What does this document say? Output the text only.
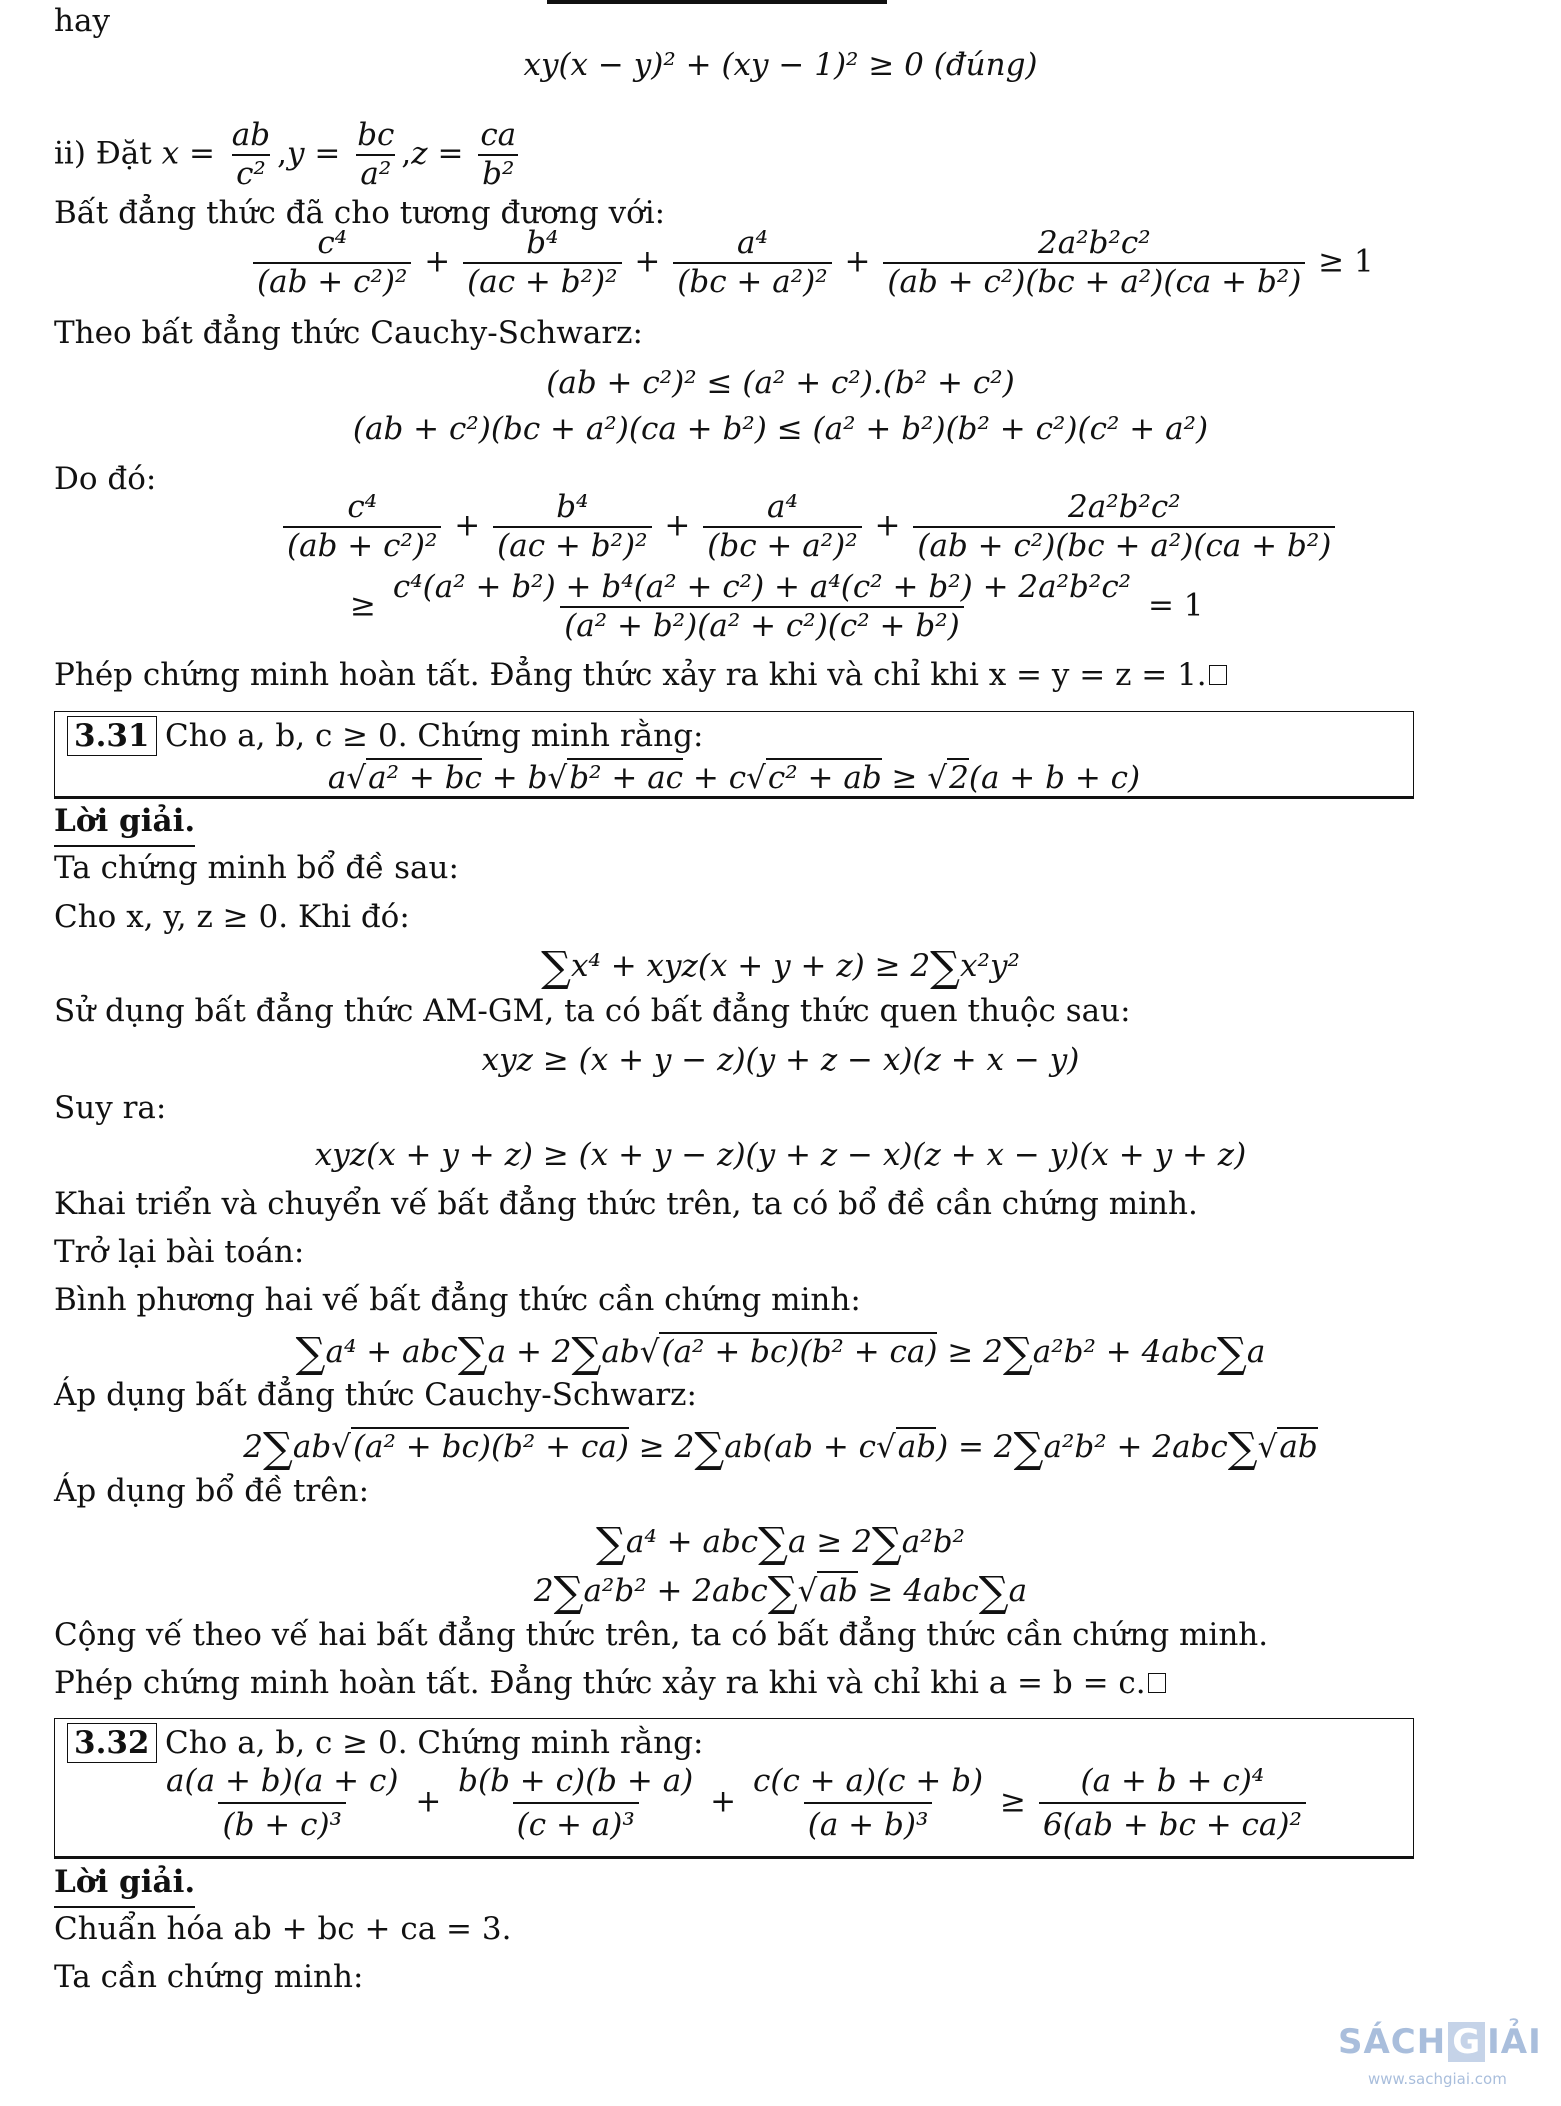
hay
xy(x − y)² + (xy − 1)² ≥ 0 (đúng)
ii) Đặt $x = \frac{ab}{\text{c²}} ,y = \frac{bc}{\text{a²}} ,z = \frac{ca}{\text{b²}}$
Bất đẳng thức đã cho tương đương với:
$\frac{\text{c⁴}}{\text{(ab + c²)²}} + \frac{\text{b⁴}}{\text{(ac + b²)²}} + \frac{\text{a⁴}}{\text{(bc + a²)²}} + \frac{\text{2a²b²c²}}{\text{(ab + c²)(bc + a²)(ca + b²)}} \ge 1$
Theo bất đẳng thức Cauchy-Schwarz:
(ab + c²)² ≤ (a² + c²).(b² + c²)
(ab + c²)(bc + a²)(ca + b²) ≤ (a² + b²)(b² + c²)(c² + a²)
Do đó:
$\frac{\text{c⁴}}{\text{(ab + c²)²}} + \frac{\text{b⁴}}{\text{(ac + b²)²}} + \frac{\text{a⁴}}{\text{(bc + a²)²}} + \frac{\text{2a²b²c²}}{\text{(ab + c²)(bc + a²)(ca + b²)}}$
≥ $\frac{\text{c⁴(a² + b²) + b⁴(a² + c²) + a⁴(c² + b²) + 2a²b²c²}}{\text{(a² + b²)(a² + c²)(c² + b²)}} = 1$
Phép chứng minh hoàn tất. Đẳng thức xảy ra khi và chỉ khi x = y = z = 1.
3.31 Cho a, b, c ≥ 0. Chứng minh rằng:
a√a² + bc + b√b² + ac + c√c² + ab ≥ √2(a + b + c)
Lời giải.
Ta chứng minh bổ đề sau:
Cho x, y, z ≥ 0. Khi đó:
∑x⁴ + xyz(x + y + z) ≥ 2∑x²y²
Sử dụng bất đẳng thức AM-GM, ta có bất đẳng thức quen thuộc sau:
xyz ≥ (x + y − z)(y + z − x)(z + x − y)
Suy ra:
xyz(x + y + z) ≥ (x + y − z)(y + z − x)(z + x − y)(x + y + z)
Khai triển và chuyển vế bất đẳng thức trên, ta có bổ đề cần chứng minh.
Trở lại bài toán:
Bình phương hai vế bất đẳng thức cần chứng minh:
∑a⁴ + abc∑a + 2∑ab√(a² + bc)(b² + ca) ≥ 2∑a²b² + 4abc∑a
Áp dụng bất đẳng thức Cauchy-Schwarz:
2∑ab√(a² + bc)(b² + ca) ≥ 2∑ab(ab + c√ab) = 2∑a²b² + 2abc∑√ab
Áp dụng bổ đề trên:
∑a⁴ + abc∑a ≥ 2∑a²b²
2∑a²b² + 2abc∑√ab ≥ 4abc∑a
Cộng vế theo vế hai bất đẳng thức trên, ta có bất đẳng thức cần chứng minh.
Phép chứng minh hoàn tất. Đẳng thức xảy ra khi và chỉ khi a = b = c.
3.32 Cho a, b, c ≥ 0. Chứng minh rằng:
$\frac{a(a + b)(a + c)}{\text{(b + c)³}} + \frac{b(b + c)(b + a)}{\text{(c + a)³}} + \frac{c(c + a)(c + b)}{\text{(a + b)³}} \ge \frac{\text{(a + b + c)⁴}}{\text{6(ab + bc + ca)²}}$
Lời giải.
Chuẩn hóa ab + bc + ca = 3.
Ta cần chứng minh:
SÁCH G IẢI
www.sachgiai.com
